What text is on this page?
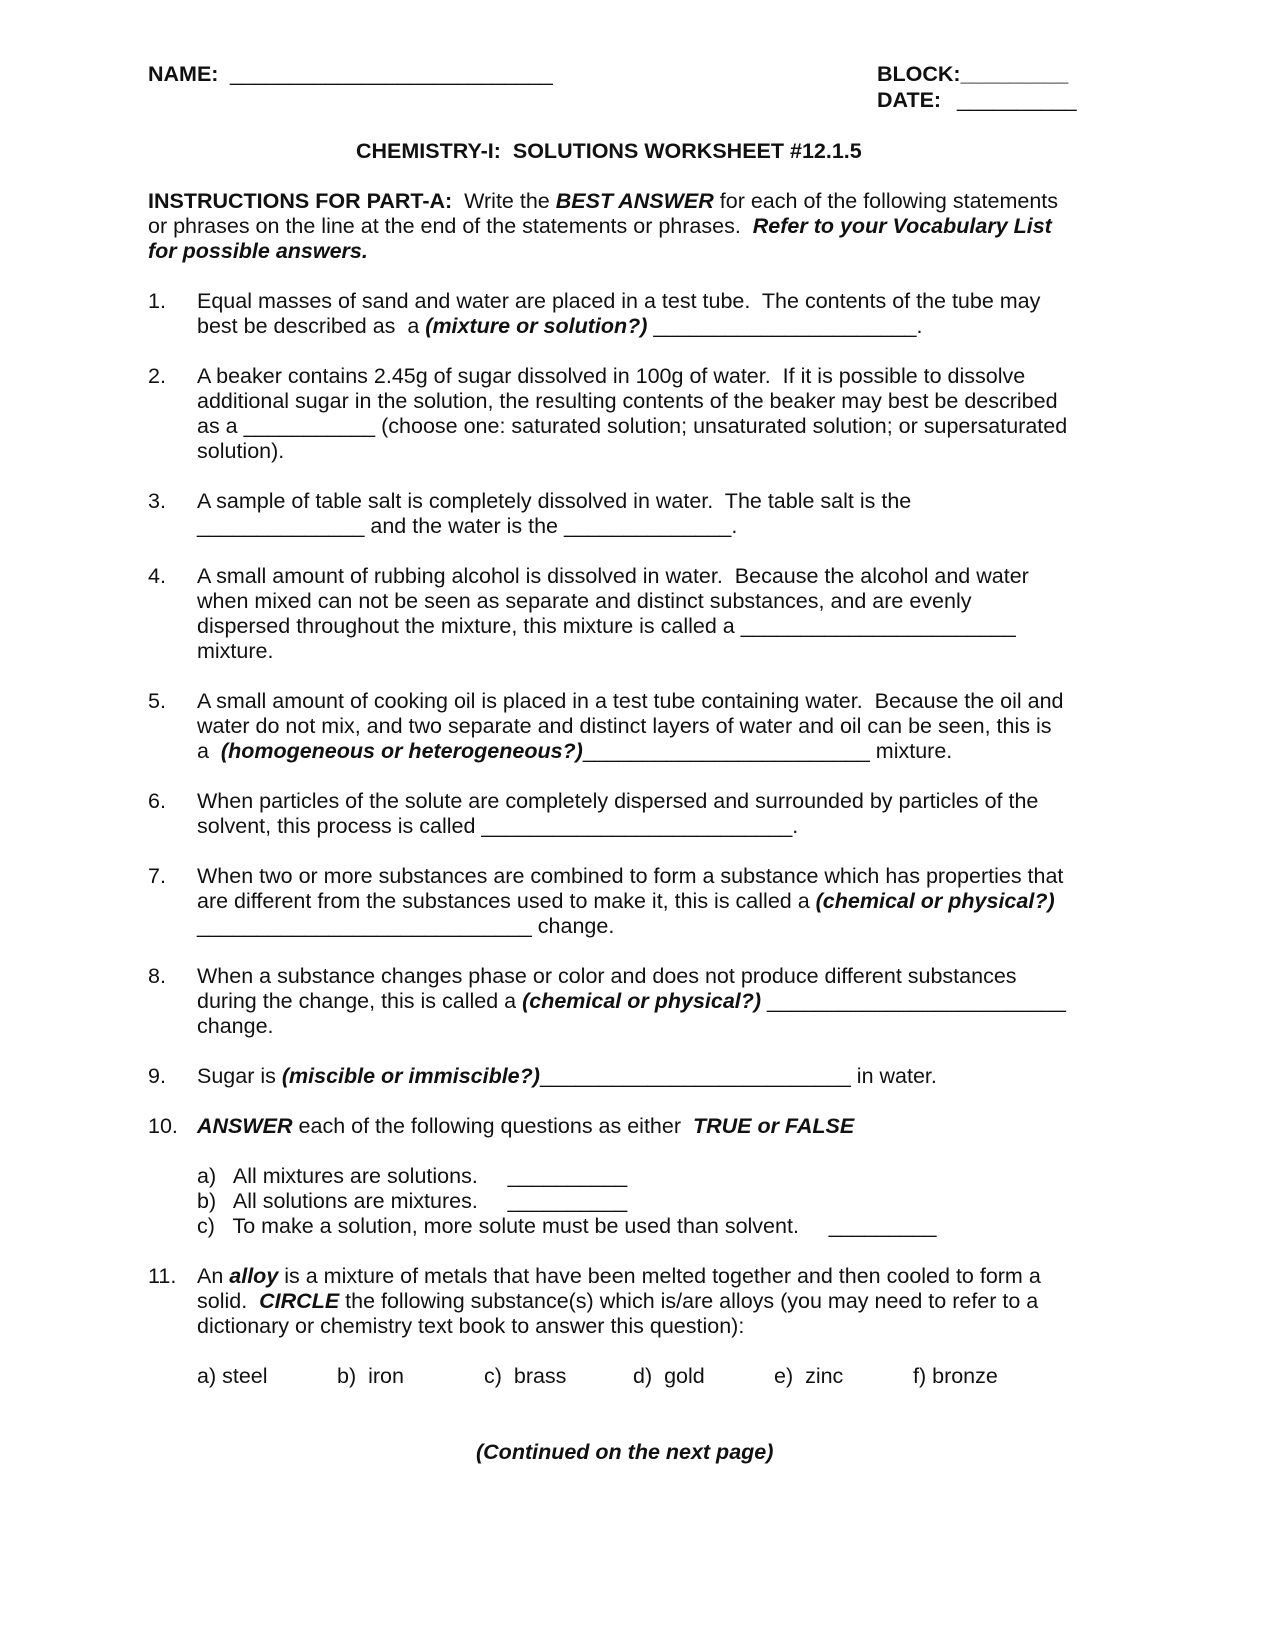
NAME: ___________________________	BLOCK:_________
DATE: __________
CHEMISTRY-I:  SOLUTIONS WORKSHEET #12.1.5
INSTRUCTIONS FOR PART-A:  Write the BEST ANSWER for each of the following statements
or phrases on the line at the end of the statements or phrases.  Refer to your Vocabulary List
for possible answers.
1. Equal masses of sand and water are placed in a test tube.  The contents of the tube may
best be described as  a (mixture or solution?) ______________________.
2. A beaker contains 2.45g of sugar dissolved in 100g of water.  If it is possible to dissolve
additional sugar in the solution, the resulting contents of the beaker may best be described
as a ___________ (choose one: saturated solution; unsaturated solution; or supersaturated
solution).
3. A sample of table salt is completely dissolved in water.  The table salt is the
______________ and the water is the ______________.
4. A small amount of rubbing alcohol is dissolved in water.  Because the alcohol and water
when mixed can not be seen as separate and distinct substances, and are evenly
dispersed throughout the mixture, this mixture is called a _______________________
mixture.
5. A small amount of cooking oil is placed in a test tube containing water.  Because the oil and
water do not mix, and two separate and distinct layers of water and oil can be seen, this is
a  (homogeneous or heterogeneous?)________________________ mixture.
6. When particles of the solute are completely dispersed and surrounded by particles of the
solvent, this process is called __________________________.
7. When two or more substances are combined to form a substance which has properties that
are different from the substances used to make it, this is called a (chemical or physical?)
____________________________ change.
8. When a substance changes phase or color and does not produce different substances
during the change, this is called a (chemical or physical?) _________________________
change.
9. Sugar is (miscible or immiscible?)__________________________ in water.
10. ANSWER each of the following questions as either  TRUE or FALSE
a)   All mixtures are solutions.     __________
b)   All solutions are mixtures.     __________
c)   To make a solution, more solute must be used than solvent.     _________
11. An alloy is a mixture of metals that have been melted together and then cooled to form a
solid.  CIRCLE the following substance(s) which is/are alloys (you may need to refer to a
dictionary or chemistry text book to answer this question):
a) steel	b)  iron	c)  brass	d)  gold	e)  zinc	f) bronze
(Continued on the next page)
